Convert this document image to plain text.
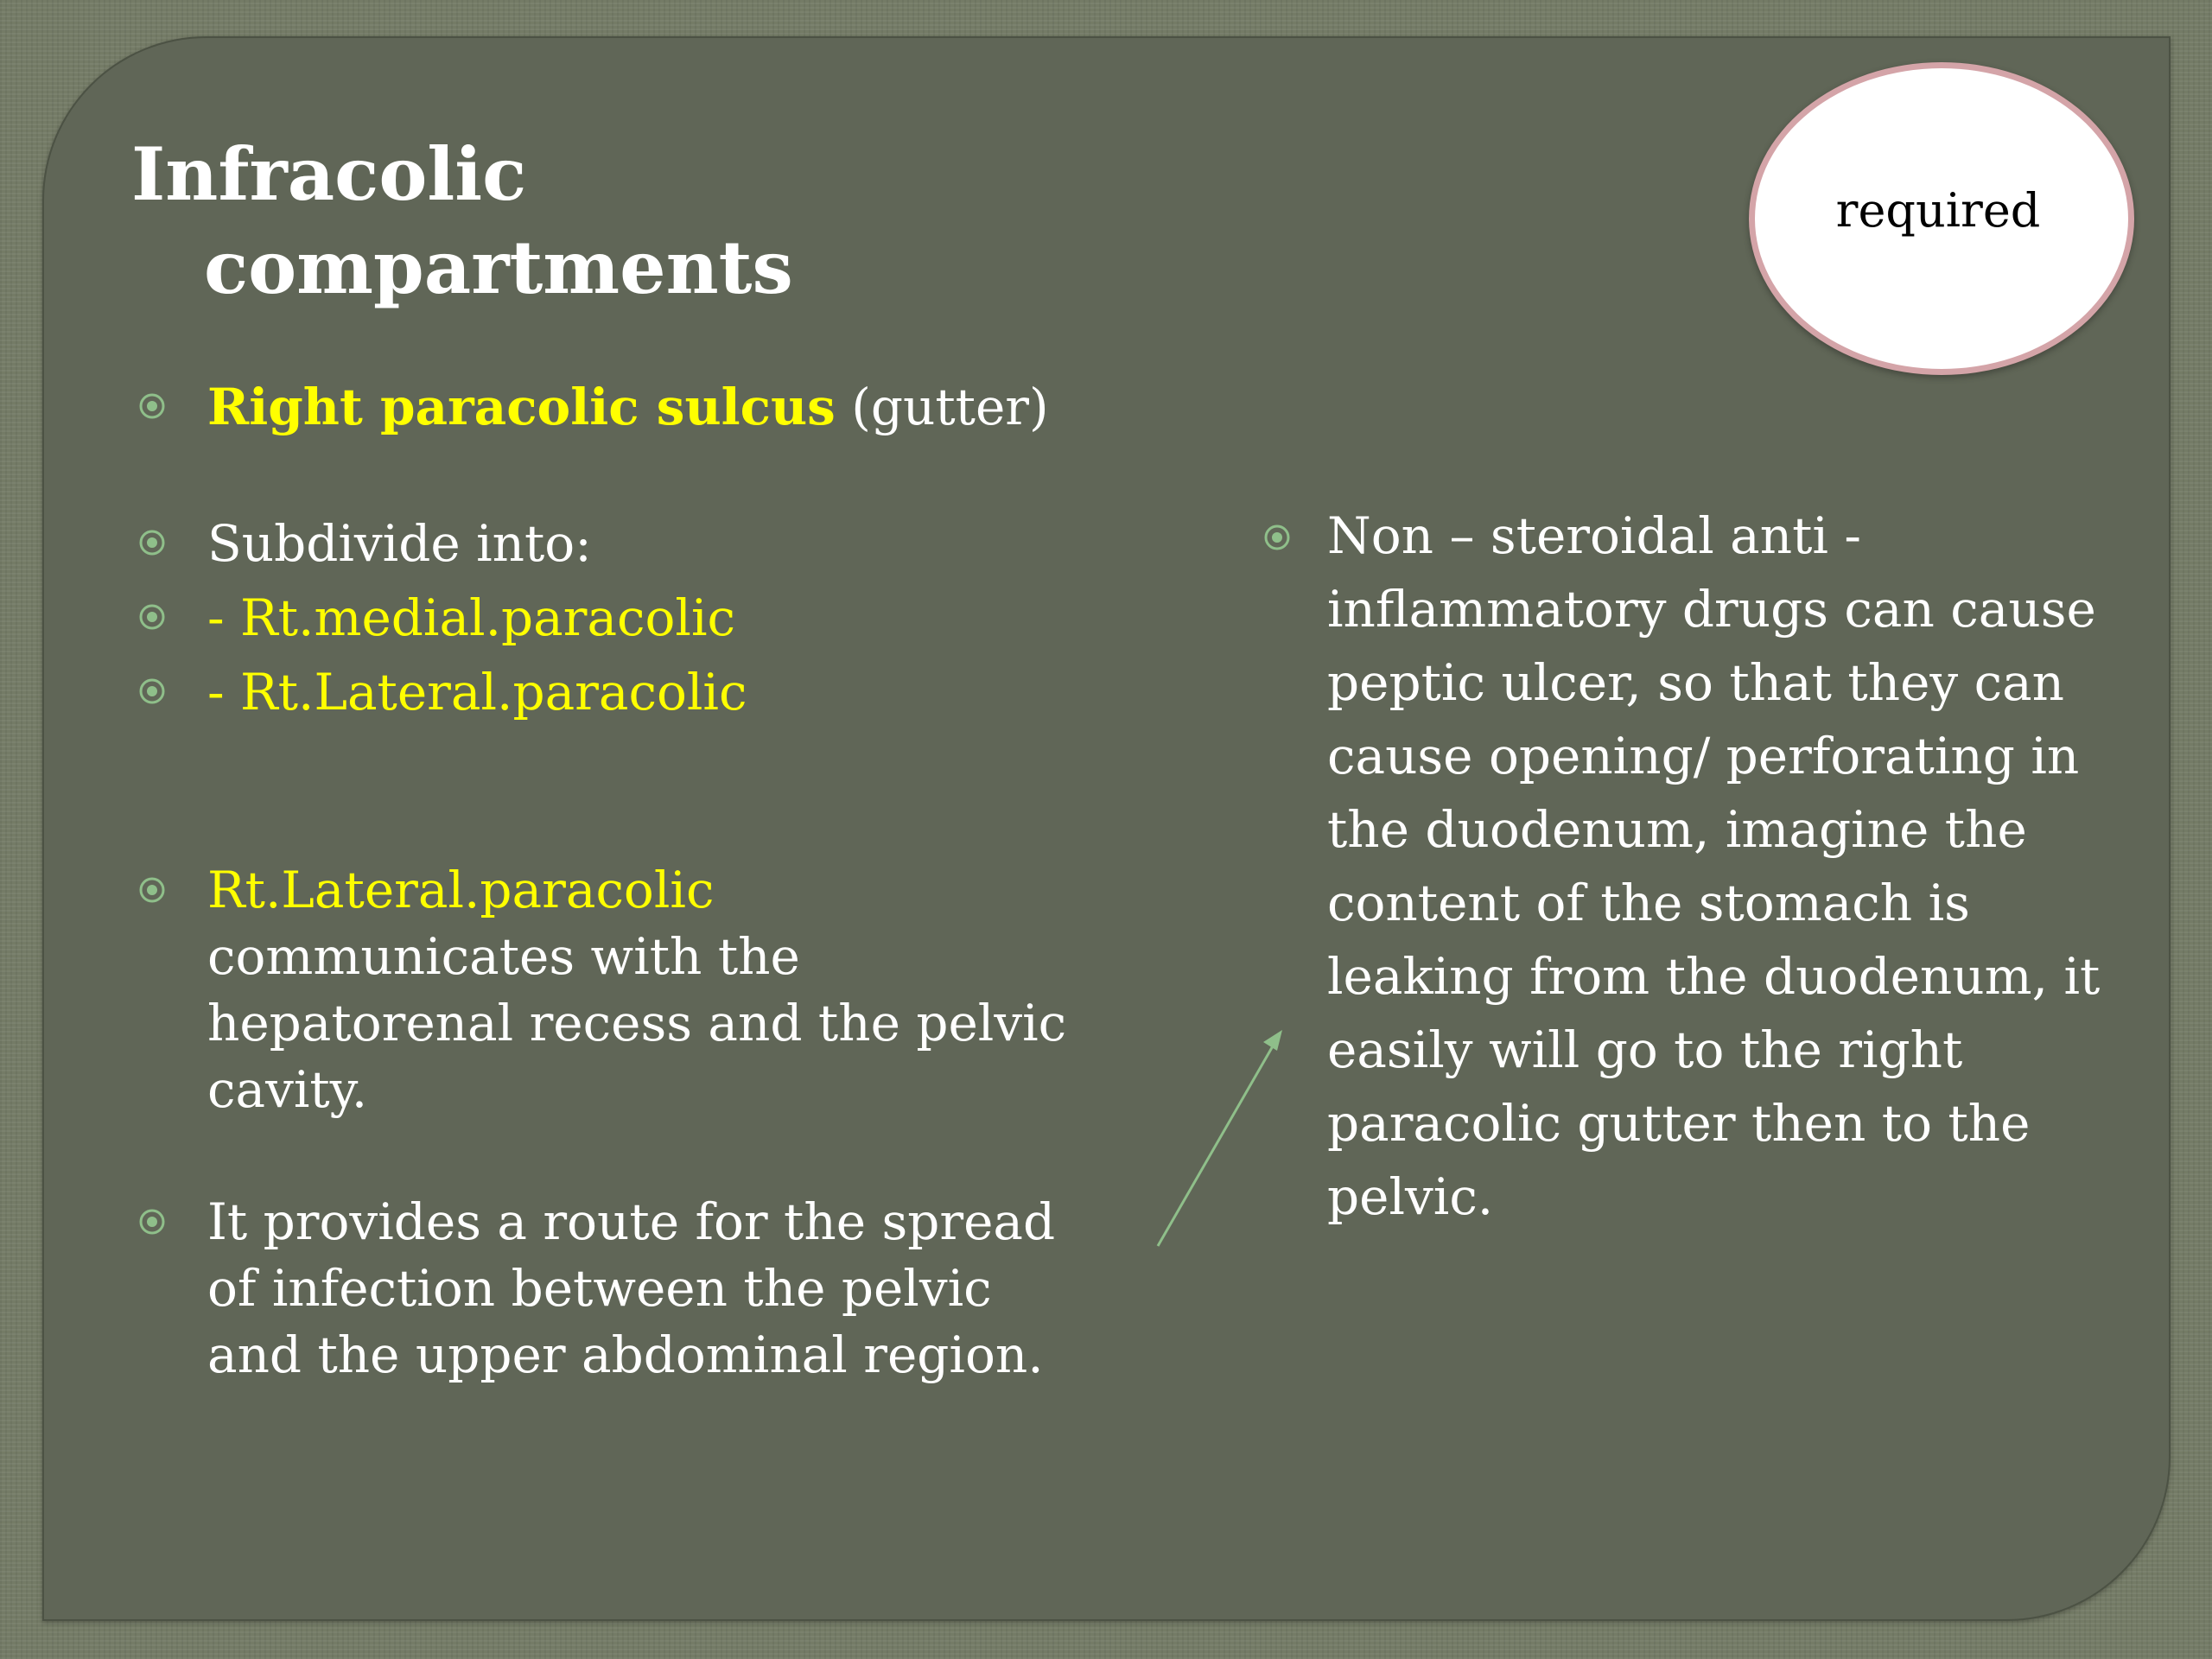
Infracolic
compartments
required
Right paracolic sulcus (gutter)
Subdivide into:
- Rt.medial.paracolic
- Rt.Lateral.paracolic
Rt.Lateral.paracolic
communicates with the
hepatorenal recess and the pelvic
cavity.
It provides a route for the spread
of infection between the pelvic
and the upper abdominal region.
Non – steroidal anti -
inflammatory drugs can cause
peptic ulcer, so that they can
cause opening/ perforating in
the duodenum, imagine the
content of the stomach is
leaking from the duodenum, it
easily will go to the right
paracolic gutter then to the
pelvic.
